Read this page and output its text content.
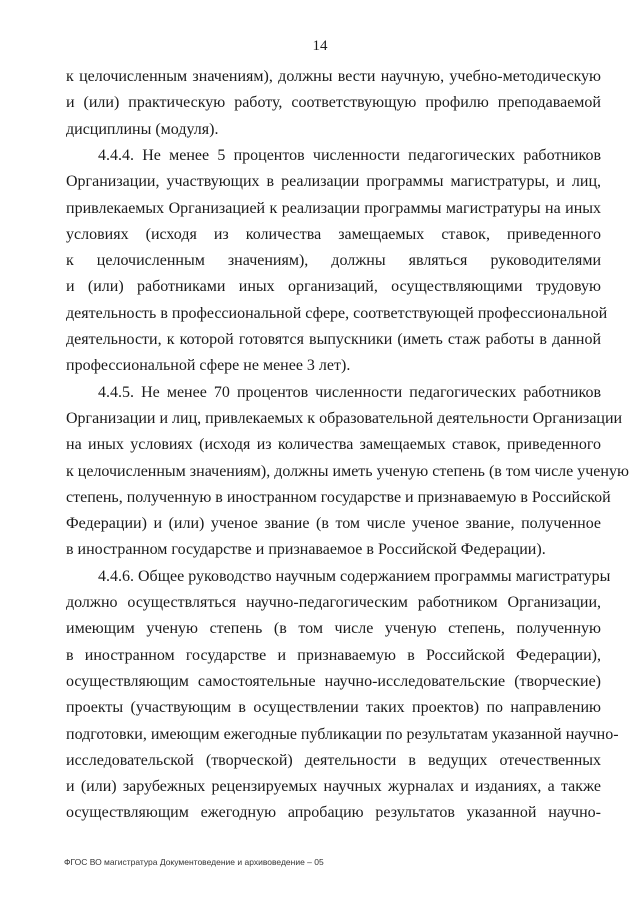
14
к целочисленным значениям), должны вести научную, учебно-методическую
и (или) практическую работу, соответствующую профилю преподаваемой
дисциплины (модуля).
4.4.4. Не менее 5 процентов численности педагогических работников
Организации, участвующих в реализации программы магистратуры, и лиц,
привлекаемых Организацией к реализации программы магистратуры на иных
условиях (исходя из количества замещаемых ставок, приведенного
к целочисленным значениям), должны являться руководителями
и (или) работниками иных организаций, осуществляющими трудовую
деятельность в профессиональной сфере, соответствующей профессиональной
деятельности, к которой готовятся выпускники (иметь стаж работы в данной
профессиональной сфере не менее 3 лет).
4.4.5. Не менее 70 процентов численности педагогических работников
Организации и лиц, привлекаемых к образовательной деятельности Организации
на иных условиях (исходя из количества замещаемых ставок, приведенного
к целочисленным значениям), должны иметь ученую степень (в том числе ученую
степень, полученную в иностранном государстве и признаваемую в Российской
Федерации) и (или) ученое звание (в том числе ученое звание, полученное
в иностранном государстве и признаваемое в Российской Федерации).
4.4.6. Общее руководство научным содержанием программы магистратуры
должно осуществляться научно-педагогическим работником Организации,
имеющим ученую степень (в том числе ученую степень, полученную
в иностранном государстве и признаваемую в Российской Федерации),
осуществляющим самостоятельные научно-исследовательские (творческие)
проекты (участвующим в осуществлении таких проектов) по направлению
подготовки, имеющим ежегодные публикации по результатам указанной научно-
исследовательской (творческой) деятельности в ведущих отечественных
и (или) зарубежных рецензируемых научных журналах и изданиях, а также
осуществляющим ежегодную апробацию результатов указанной научно-
ФГОС ВО магистратура Документоведение и архивоведение – 05
